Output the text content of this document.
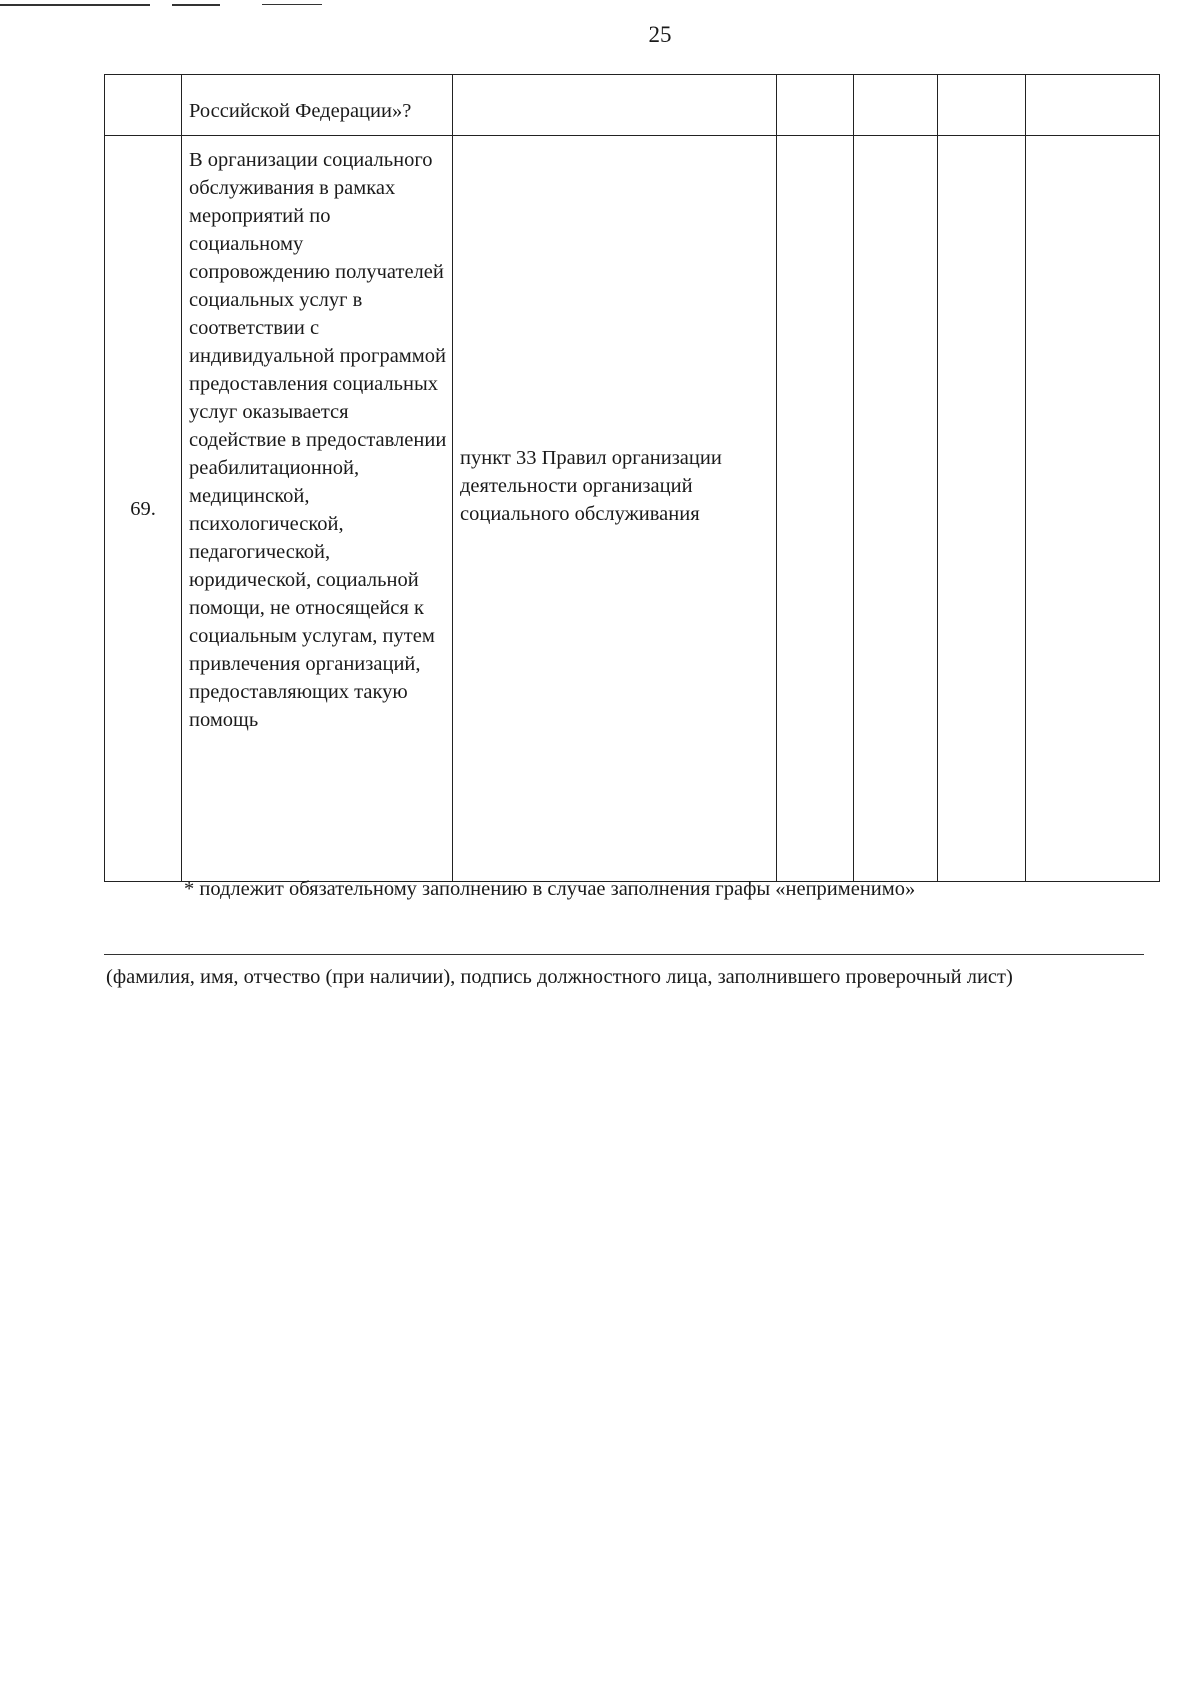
25

	Российской Федерации»?					

69.	В организации социального обслуживания в рамках мероприятий по социальному сопровождению получателей социальных услуг в соответствии с индивидуальной программой предоставления социальных услуг оказывается содействие в предоставлении реабилитационной, медицинской, психологической, педагогической, юридической, социальной помощи, не относящейся к социальным услугам, путем привлечения организаций, предоставляющих такую помощь	пункт 33 Правил организации деятельности организаций социального обслуживания				

* подлежит обязательному заполнению в случае заполнения графы «неприменимо»
(фамилия, имя, отчество (при наличии), подпись должностного лица, заполнившего проверочный лист)
